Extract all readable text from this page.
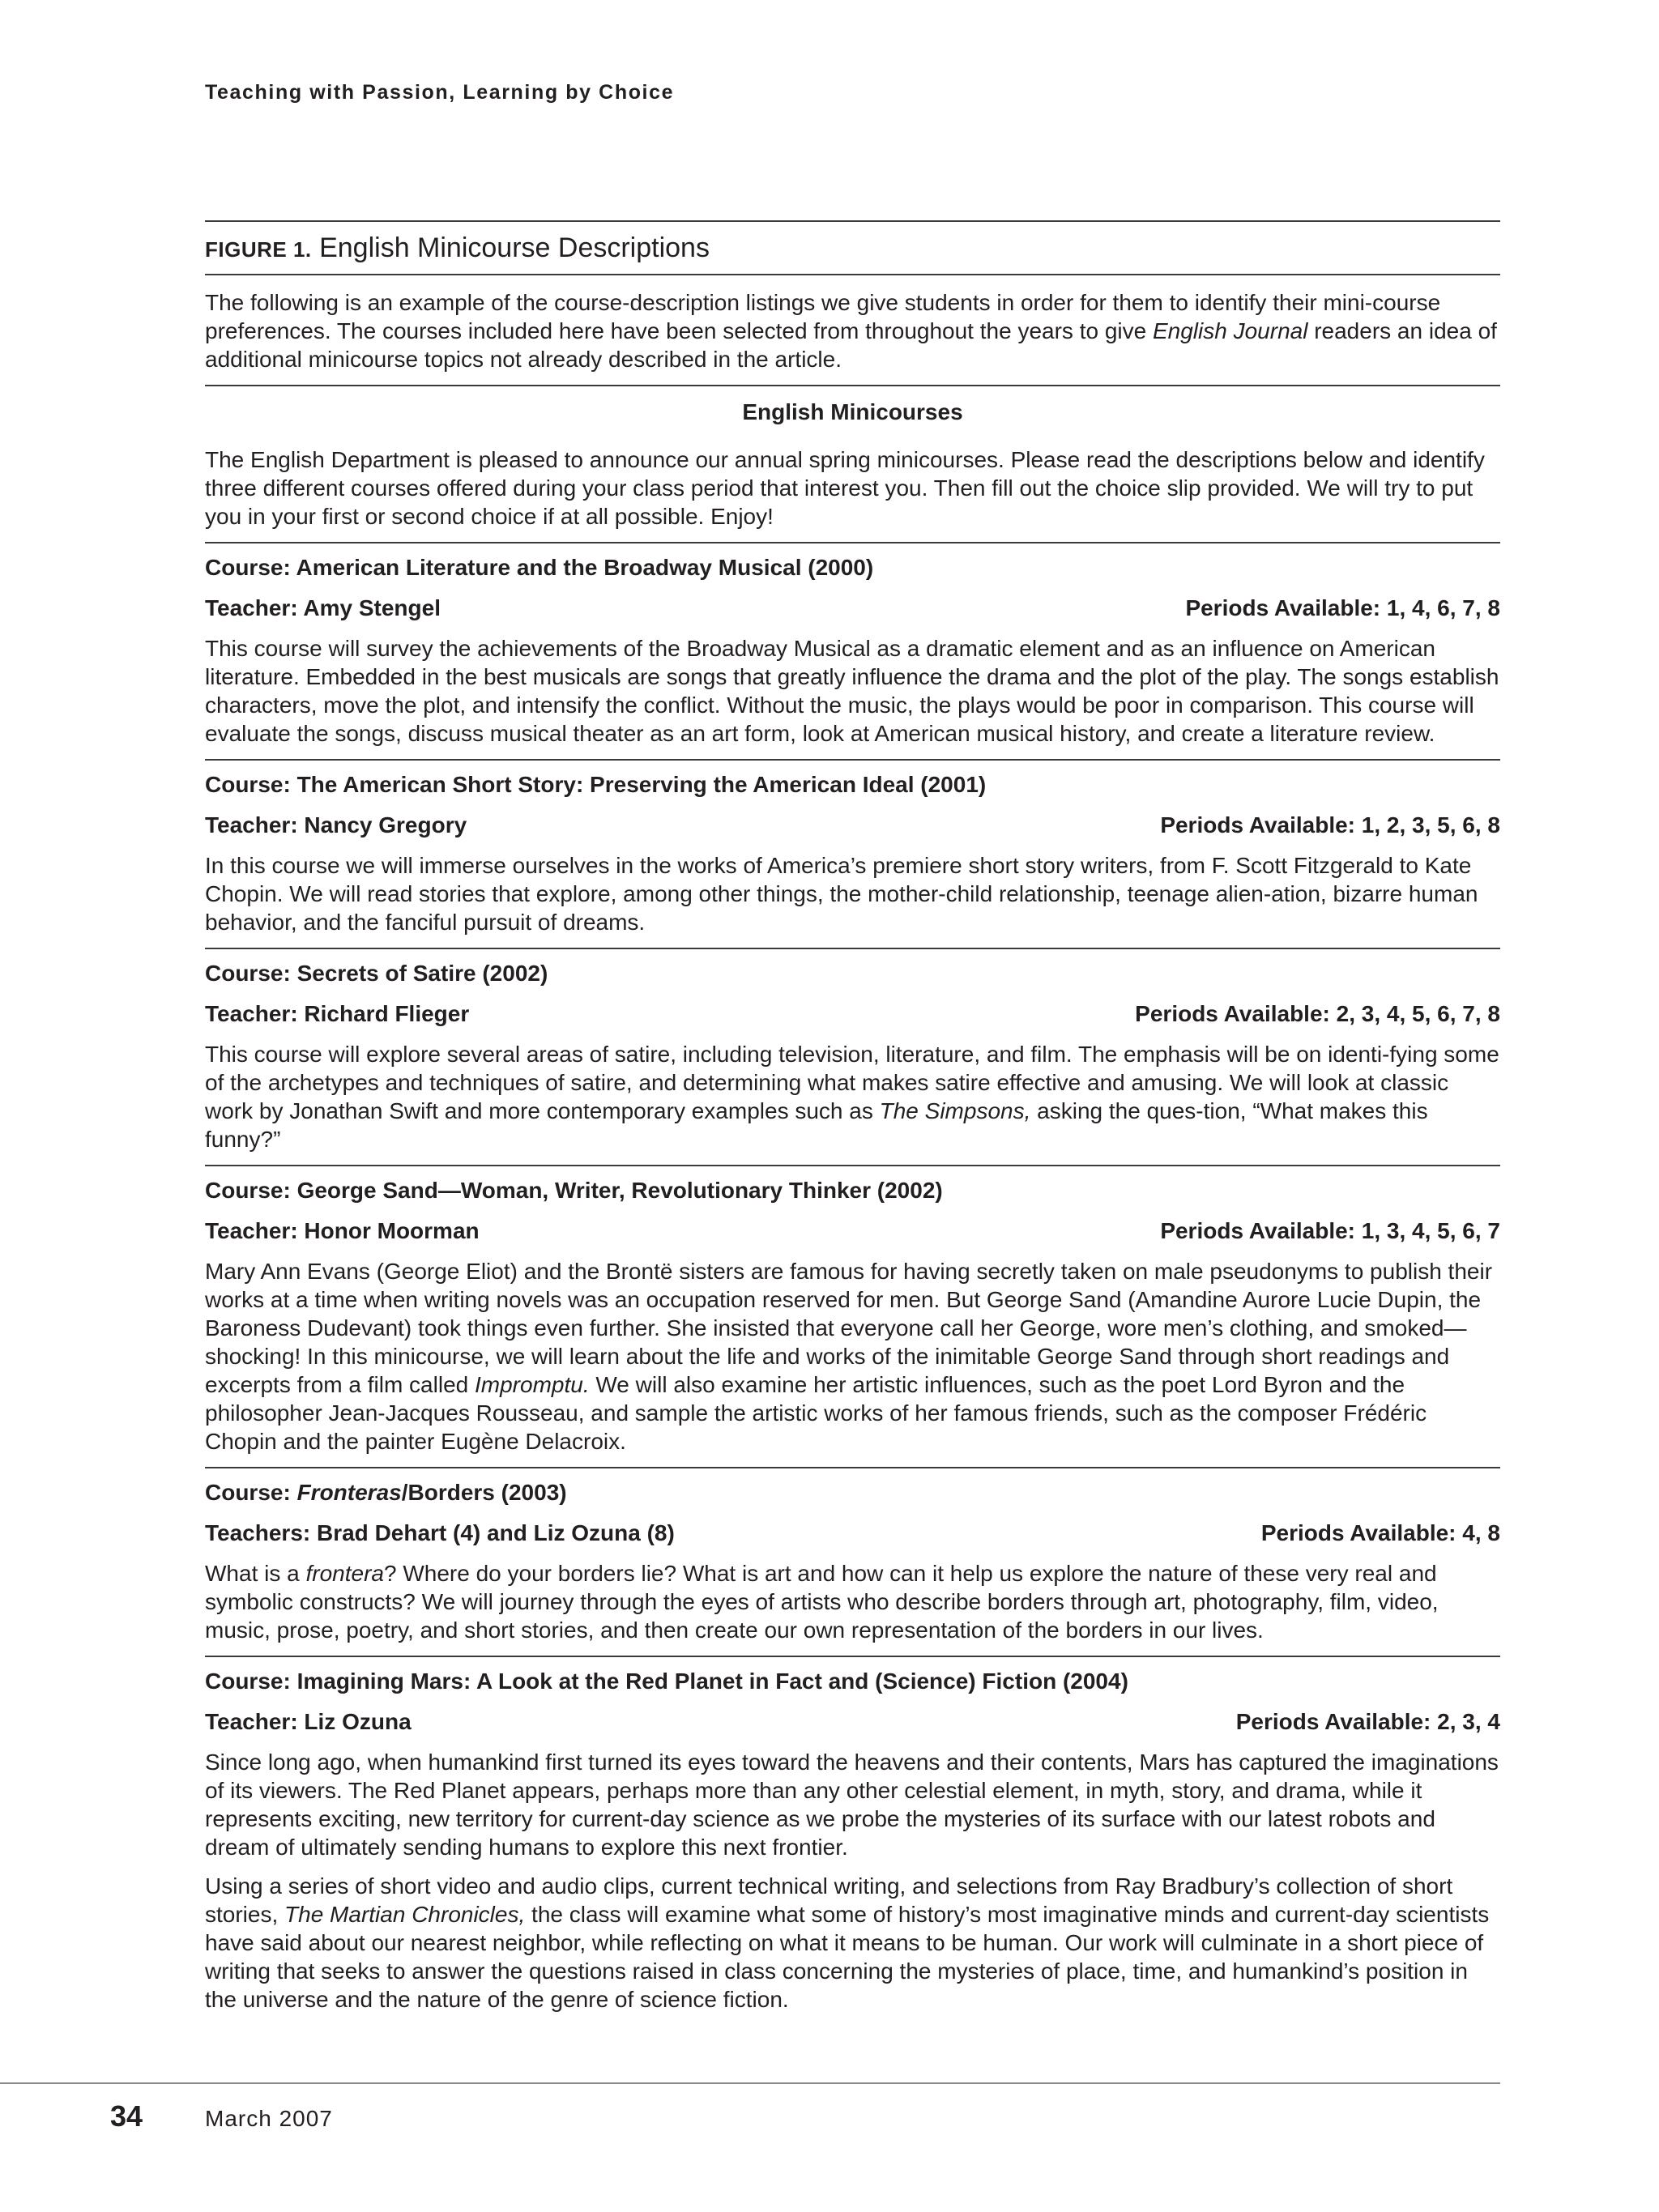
Teaching with Passion, Learning by Choice
FIGURE 1. English Minicourse Descriptions

The following is an example of the course-description listings we give students in order for them to identify their mini-course preferences. The courses included here have been selected from throughout the years to give English Journal readers an idea of additional minicourse topics not already described in the article.

English Minicourses

The English Department is pleased to announce our annual spring minicourses. Please read the descriptions below and identify three different courses offered during your class period that interest you. Then fill out the choice slip provided. We will try to put you in your first or second choice if at all possible. Enjoy!

Course: American Literature and the Broadway Musical (2000)
Teacher: Amy Stengel	Periods Available: 1, 4, 6, 7, 8

This course will survey the achievements of the Broadway Musical as a dramatic element and as an influence on American literature. Embedded in the best musicals are songs that greatly influence the drama and the plot of the play. The songs establish characters, move the plot, and intensify the conflict. Without the music, the plays would be poor in comparison. This course will evaluate the songs, discuss musical theater as an art form, look at American musical history, and create a literature review.

Course: The American Short Story: Preserving the American Ideal (2001)
Teacher: Nancy Gregory	Periods Available: 1, 2, 3, 5, 6, 8

In this course we will immerse ourselves in the works of America’s premiere short story writers, from F. Scott Fitzgerald to Kate Chopin. We will read stories that explore, among other things, the mother-child relationship, teenage alien-ation, bizarre human behavior, and the fanciful pursuit of dreams.

Course: Secrets of Satire (2002)
Teacher: Richard Flieger	Periods Available: 2, 3, 4, 5, 6, 7, 8

This course will explore several areas of satire, including television, literature, and film. The emphasis will be on identi-fying some of the archetypes and techniques of satire, and determining what makes satire effective and amusing. We will look at classic work by Jonathan Swift and more contemporary examples such as The Simpsons, asking the ques-tion, “What makes this funny?”

Course: George Sand—Woman, Writer, Revolutionary Thinker (2002)
Teacher: Honor Moorman	Periods Available: 1, 3, 4, 5, 6, 7

Mary Ann Evans (George Eliot) and the Brontë sisters are famous for having secretly taken on male pseudonyms to publish their works at a time when writing novels was an occupation reserved for men. But George Sand (Amandine Aurore Lucie Dupin, the Baroness Dudevant) took things even further. She insisted that everyone call her George, wore men’s clothing, and smoked—shocking! In this minicourse, we will learn about the life and works of the inimitable George Sand through short readings and excerpts from a film called Impromptu. We will also examine her artistic influences, such as the poet Lord Byron and the philosopher Jean-Jacques Rousseau, and sample the artistic works of her famous friends, such as the composer Frédéric Chopin and the painter Eugène Delacroix.

Course: Fronteras/Borders (2003)
Teachers: Brad Dehart (4) and Liz Ozuna (8)	Periods Available: 4, 8

What is a frontera? Where do your borders lie? What is art and how can it help us explore the nature of these very real and symbolic constructs? We will journey through the eyes of artists who describe borders through art, photography, film, video, music, prose, poetry, and short stories, and then create our own representation of the borders in our lives.

Course: Imagining Mars: A Look at the Red Planet in Fact and (Science) Fiction (2004)
Teacher: Liz Ozuna	Periods Available: 2, 3, 4

Since long ago, when humankind first turned its eyes toward the heavens and their contents, Mars has captured the imaginations of its viewers. The Red Planet appears, perhaps more than any other celestial element, in myth, story, and drama, while it represents exciting, new territory for current-day science as we probe the mysteries of its surface with our latest robots and dream of ultimately sending humans to explore this next frontier.

Using a series of short video and audio clips, current technical writing, and selections from Ray Bradbury’s collection of short stories, The Martian Chronicles, the class will examine what some of history’s most imaginative minds and current-day scientists have said about our nearest neighbor, while reflecting on what it means to be human. Our work will culminate in a short piece of writing that seeks to answer the questions raised in class concerning the mysteries of place, time, and humankind’s position in the universe and the nature of the genre of science fiction.

34	March 2007
